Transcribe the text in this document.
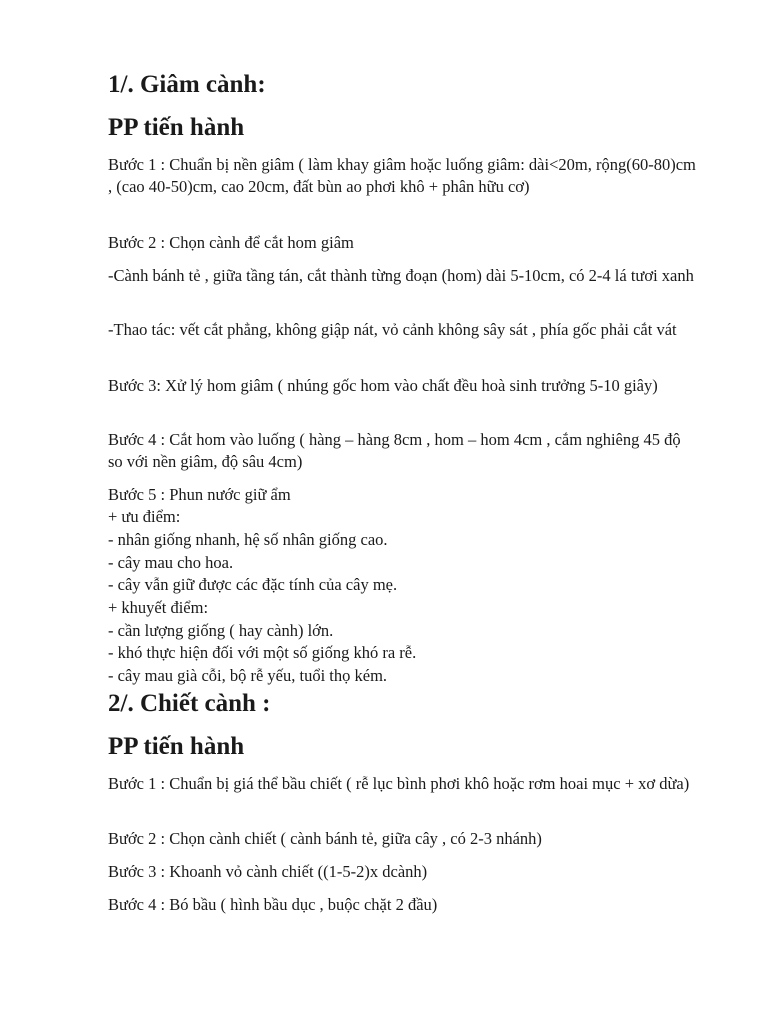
1/. Giâm cành:
PP tiến hành

Bước 1 : Chuẩn bị nền giâm ( làm khay giâm hoặc luống giâm: dài<20m, rộng(60-80)cm , (cao 40-50)cm, cao 20cm, đất bùn ao phơi khô + phân hữu cơ)

Bước 2 : Chọn cành để cắt hom giâm

-Cành bánh tẻ , giữa tầng tán, cắt thành từng đoạn (hom) dài 5-10cm, có 2-4 lá tươi xanh

-Thao tác: vết cắt phẳng, không giập nát, vỏ cảnh không sây sát , phía gốc phải cắt vát

Bước 3: Xử lý hom giâm ( nhúng gốc hom vào chất đều hoà sinh trưởng 5-10 giây)

Bước 4 : Cắt hom vào luống ( hàng – hàng 8cm , hom – hom 4cm , cắm nghiêng 45 độ so với nền giâm, độ sâu 4cm)

Bước 5 : Phun nước giữ ẩm

+ ưu điểm:

- nhân giống nhanh, hệ số nhân giống cao.

- cây mau cho hoa.

- cây vẫn giữ được các đặc tính của cây mẹ.

+ khuyết điểm:

- cần lượng giống ( hay cành) lớn.

- khó thực hiện đối với một số giống khó ra rễ.

- cây mau già cỗi, bộ rễ yếu, tuổi thọ kém.

2/. Chiết cành :
PP tiến hành

Bước 1 : Chuẩn bị giá thể bầu chiết ( rễ lục bình phơi khô hoặc rơm hoai mục + xơ dừa)

Bước 2 : Chọn cành chiết ( cành bánh tẻ, giữa cây , có 2-3 nhánh)

Bước 3 : Khoanh vỏ cành chiết ((1-5-2)x dcành)

Bước 4 : Bó bầu ( hình bầu dục , buộc chặt 2 đầu)
